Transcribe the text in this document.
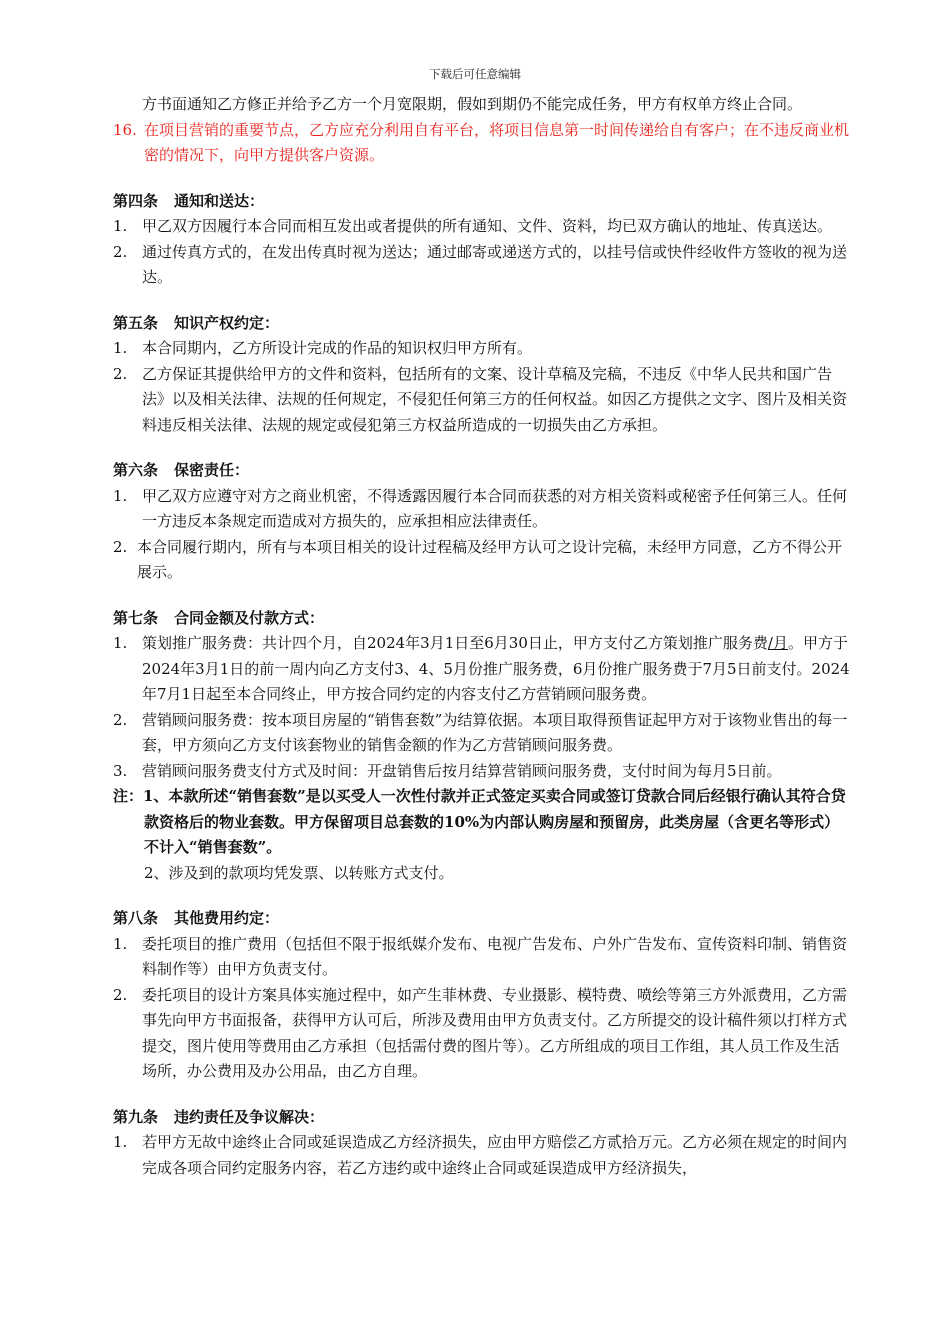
下载后可任意编辑
方书面通知乙方修正并给予乙方一个月宽限期，假如到期仍不能完成任务，甲方有权单方终止合同。
16. 在项目营销的重要节点，乙方应充分利用自有平台，将项目信息第一时间传递给自有客户；在不违反商业机密的情况下，向甲方提供客户资源。
第四条 通知和送达：
1. 甲乙双方因履行本合同而相互发出或者提供的所有通知、文件、资料，均已双方确认的地址、传真送达。
2. 通过传真方式的，在发出传真时视为送达；通过邮寄或递送方式的，以挂号信或快件经收件方签收的视为送达。
第五条 知识产权约定：
1. 本合同期内，乙方所设计完成的作品的知识权归甲方所有。
2. 乙方保证其提供给甲方的文件和资料，包括所有的文案、设计草稿及完稿，不违反《中华人民共和国广告法》以及相关法律、法规的任何规定，不侵犯任何第三方的任何权益。如因乙方提供之文字、图片及相关资料违反相关法律、法规的规定或侵犯第三方权益所造成的一切损失由乙方承担。
第六条 保密责任：
1. 甲乙双方应遵守对方之商业机密，不得透露因履行本合同而获悉的对方相关资料或秘密予任何第三人。任何一方违反本条规定而造成对方损失的，应承担相应法律责任。
2. 本合同履行期内，所有与本项目相关的设计过程稿及经甲方认可之设计完稿，未经甲方同意，乙方不得公开展示。
第七条 合同金额及付款方式：
1. 策划推广服务费：共计四个月，自2024年3月1日至6月30日止，甲方支付乙方策划推广服务费/月。甲方于2024年3月1日的前一周内向乙方支付3、4、5月份推广服务费，6月份推广服务费于7月5日前支付。2024年7月1日起至本合同终止，甲方按合同约定的内容支付乙方营销顾问服务费。
2. 营销顾问服务费：按本项目房屋的“销售套数”为结算依据。本项目取得预售证起甲方对于该物业售出的每一套，甲方须向乙方支付该套物业的销售金额的作为乙方营销顾问服务费。
3. 营销顾问服务费支付方式及时间：开盘销售后按月结算营销顾问服务费，支付时间为每月5日前。
注： 1、本款所述“销售套数”是以买受人一次性付款并正式签定买卖合同或签订贷款合同后经银行确认其符合贷款资格后的物业套数。甲方保留项目总套数的10%为内部认购房屋和预留房，此类房屋（含更名等形式）不计入“销售套数”。
2、涉及到的款项均凭发票、以转账方式支付。
第八条 其他费用约定：
1. 委托项目的推广费用（包括但不限于报纸媒介发布、电视广告发布、户外广告发布、宣传资料印制、销售资料制作等）由甲方负责支付。
2. 委托项目的设计方案具体实施过程中，如产生菲林费、专业摄影、模特费、喷绘等第三方外派费用，乙方需事先向甲方书面报备，获得甲方认可后，所涉及费用由甲方负责支付。乙方所提交的设计稿件须以打样方式提交，图片使用等费用由乙方承担（包括需付费的图片等）。乙方所组成的项目工作组，其人员工作及生活场所，办公费用及办公用品，由乙方自理。
第九条 违约责任及争议解决：
1. 若甲方无故中途终止合同或延误造成乙方经济损失，应由甲方赔偿乙方贰拾万元。乙方必须在规定的时间内完成各项合同约定服务内容，若乙方违约或中途终止合同或延误造成甲方经济损失，
